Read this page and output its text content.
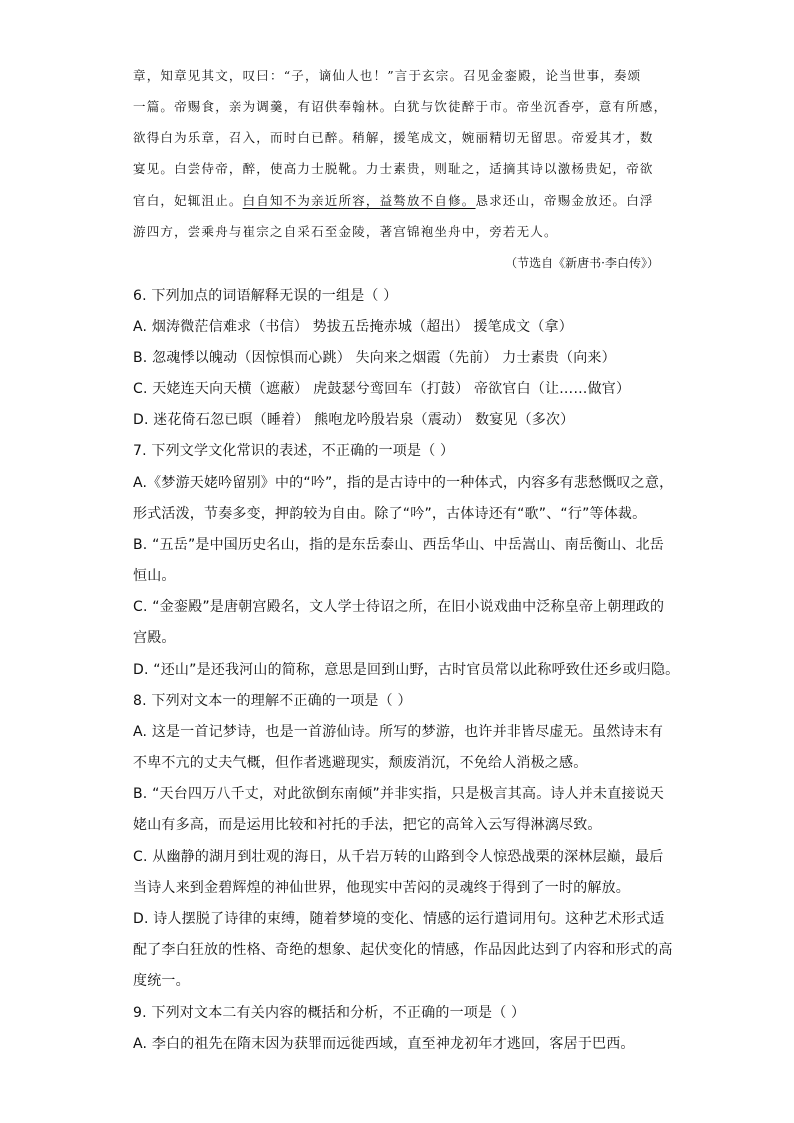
章，知章见其文，叹曰：“子，谪仙人也！”言于玄宗。召见金銮殿，论当世事，奏颂
一篇。帝赐食，亲为调羹，有诏供奉翰林。白犹与饮徒醉于市。帝坐沉香亭，意有所感，
欲得白为乐章，召入，而时白已醉。稍解，援笔成文，婉丽精切无留思。帝爱其才，数
宴见。白尝侍帝，醉，使高力士脱靴。力士素贵，则耻之，适摘其诗以激杨贵妃，帝欲
官白，妃辄沮止。白自知不为亲近所容，益骜放不自修。恳求还山，帝赐金放还。白浮
游四方，尝乘舟与崔宗之自采石至金陵，著宫锦袍坐舟中，旁若无人。
（节选自《新唐书·李白传》）
6. 下列加点的词语解释无误的一组是（ ）
A. 烟涛微茫信难求（书信） 势拔五岳掩赤城（超出） 援笔成文（拿）
B. 忽魂悸以魄动（因惊惧而心跳） 失向来之烟霞（先前） 力士素贵（向来）
C. 天姥连天向天横（遮蔽） 虎鼓瑟兮鸾回车（打鼓） 帝欲官白（让……做官）
D. 迷花倚石忽已暝（睡着） 熊咆龙吟殷岩泉（震动） 数宴见（多次）
7. 下列文学文化常识的表述，不正确的一项是（ ）
A.《梦游天姥吟留别》中的“吟”，指的是古诗中的一种体式，内容多有悲愁慨叹之意，
形式活泼，节奏多变，押韵较为自由。除了“吟”，古体诗还有“歌”、“行”等体裁。
B. “五岳”是中国历史名山，指的是东岳泰山、西岳华山、中岳嵩山、南岳衡山、北岳
恒山。
C. “金銮殿”是唐朝宫殿名，文人学士待诏之所，在旧小说戏曲中泛称皇帝上朝理政的
宫殿。
D. “还山”是还我河山的简称，意思是回到山野，古时官员常以此称呼致仕还乡或归隐。
8. 下列对文本一的理解不正确的一项是（ ）
A. 这是一首记梦诗，也是一首游仙诗。所写的梦游，也许并非皆尽虚无。虽然诗末有
不卑不亢的丈夫气概，但作者逃避现实，颓废消沉，不免给人消极之感。
B. “天台四万八千丈，对此欲倒东南倾”并非实指，只是极言其高。诗人并未直接说天
姥山有多高，而是运用比较和衬托的手法，把它的高耸入云写得淋漓尽致。
C. 从幽静的湖月到壮观的海日，从千岩万转的山路到令人惊恐战栗的深林层巅，最后
当诗人来到金碧辉煌的神仙世界，他现实中苦闷的灵魂终于得到了一时的解放。
D. 诗人摆脱了诗律的束缚，随着梦境的变化、情感的运行遣词用句。这种艺术形式适
配了李白狂放的性格、奇绝的想象、起伏变化的情感，作品因此达到了内容和形式的高
度统一。
9. 下列对文本二有关内容的概括和分析，不正确的一项是（ ）
A. 李白的祖先在隋末因为获罪而远徙西域，直至神龙初年才逃回，客居于巴西。
